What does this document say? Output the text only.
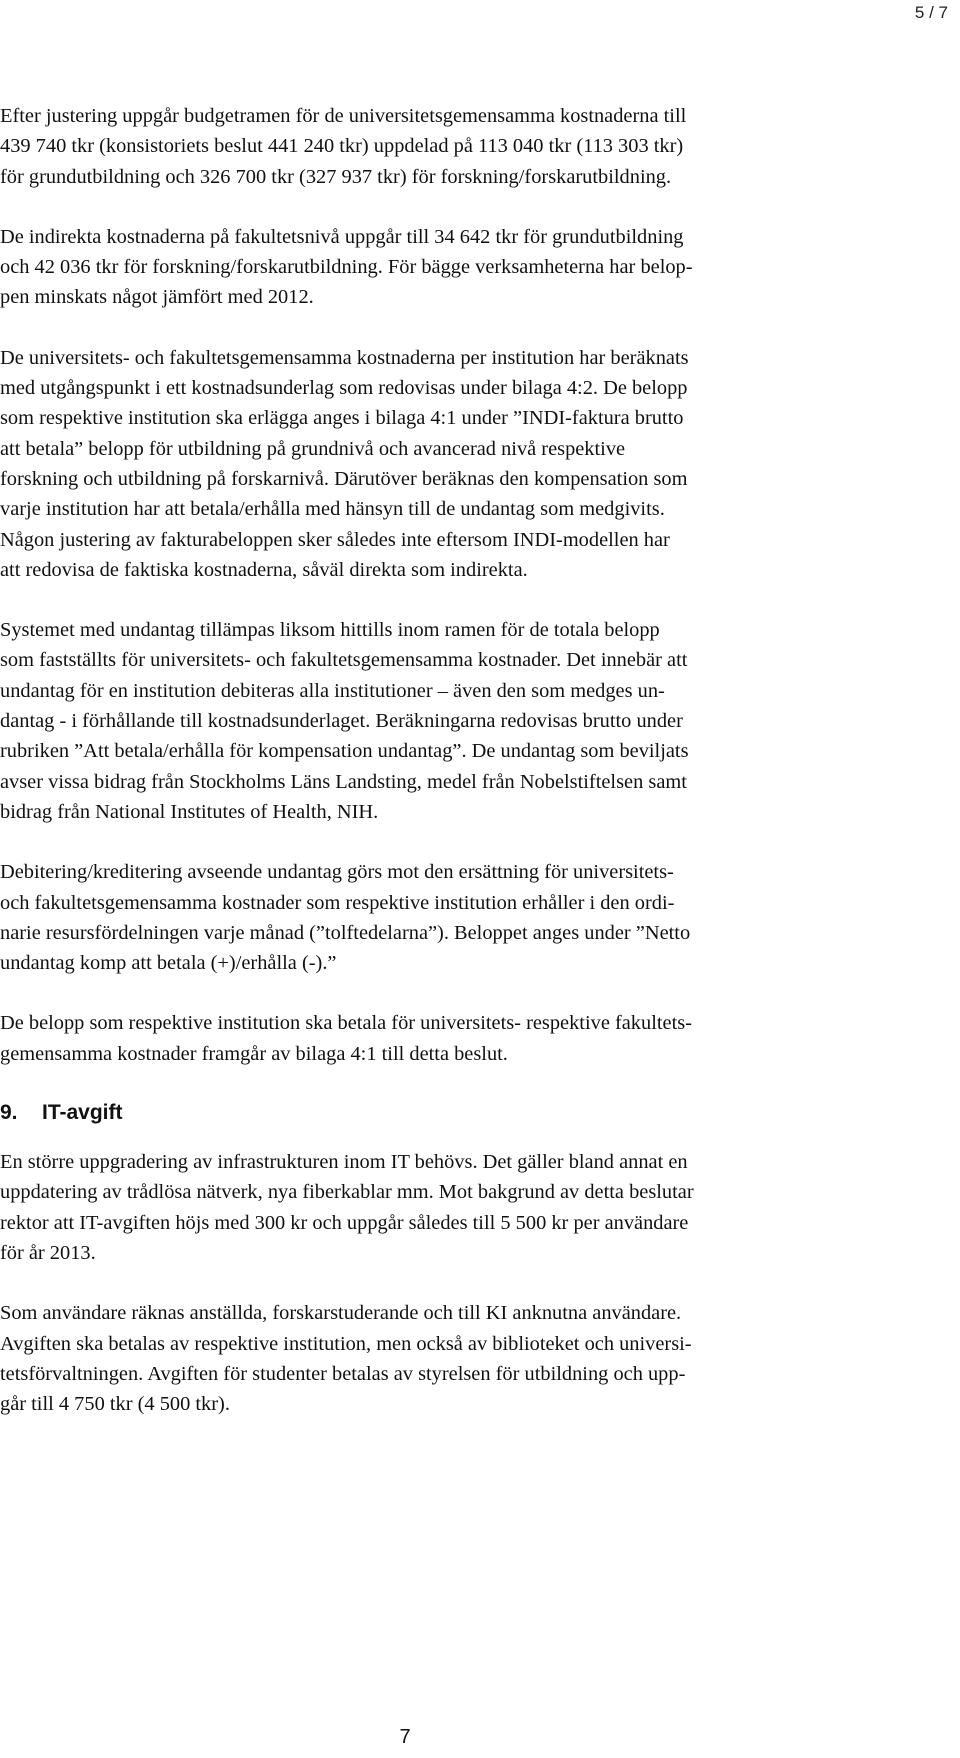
5 / 7

Efter justering uppgår budgetramen för de universitetsgemensamma kostnaderna till
439 740 tkr (konsistoriets beslut 441 240 tkr) uppdelad på 113 040 tkr (113 303 tkr)
för grundutbildning och 326 700 tkr (327 937 tkr) för forskning/forskarutbildning.

De indirekta kostnaderna på fakultetsnivå uppgår till 34 642 tkr för grundutbildning
och 42 036 tkr för forskning/forskarutbildning. För bägge verksamheterna har belop-
pen minskats något jämfört med 2012.

De universitets- och fakultetsgemensamma kostnaderna per institution har beräknats
med utgångspunkt i ett kostnadsunderlag som redovisas under bilaga 4:2. De belopp
som respektive institution ska erlägga anges i bilaga 4:1 under ”INDI-faktura brutto
att betala” belopp för utbildning på grundnivå och avancerad nivå respektive
forskning och utbildning på forskarnivå. Därutöver beräknas den kompensation som
varje institution har att betala/erhålla med hänsyn till de undantag som medgivits.
Någon justering av fakturabeloppen sker således inte eftersom INDI-modellen har
att redovisa de faktiska kostnaderna, såväl direkta som indirekta.

Systemet med undantag tillämpas liksom hittills inom ramen för de totala belopp
som fastställts för universitets- och fakultetsgemensamma kostnader. Det innebär att
undantag för en institution debiteras alla institutioner – även den som medges un-
dantag - i förhållande till kostnadsunderlaget. Beräkningarna redovisas brutto under
rubriken ”Att betala/erhålla för kompensation undantag”. De undantag som beviljats
avser vissa bidrag från Stockholms Läns Landsting, medel från Nobelstiftelsen samt
bidrag från National Institutes of Health, NIH.

Debitering/kreditering avseende undantag görs mot den ersättning för universitets-
och fakultetsgemensamma kostnader som respektive institution erhåller i den ordi-
narie resursfördelningen varje månad (”tolftedelarna”). Beloppet anges under ”Netto
undantag komp att betala (+)/erhålla (-).”

De belopp som respektive institution ska betala för universitets- respektive fakultets-
gemensamma kostnader framgår av bilaga 4:1 till detta beslut.

9. IT-avgift

En större uppgradering av infrastrukturen inom IT behövs. Det gäller bland annat en
uppdatering av trådlösa nätverk, nya fiberkablar mm. Mot bakgrund av detta beslutar
rektor att IT-avgiften höjs med 300 kr och uppgår således till 5 500 kr per användare
för år 2013.

Som användare räknas anställda, forskarstuderande och till KI anknutna användare.
Avgiften ska betalas av respektive institution, men också av biblioteket och universi-
tetsförvaltningen. Avgiften för studenter betalas av styrelsen för utbildning och upp-
går till 4 750 tkr (4 500 tkr).

7
